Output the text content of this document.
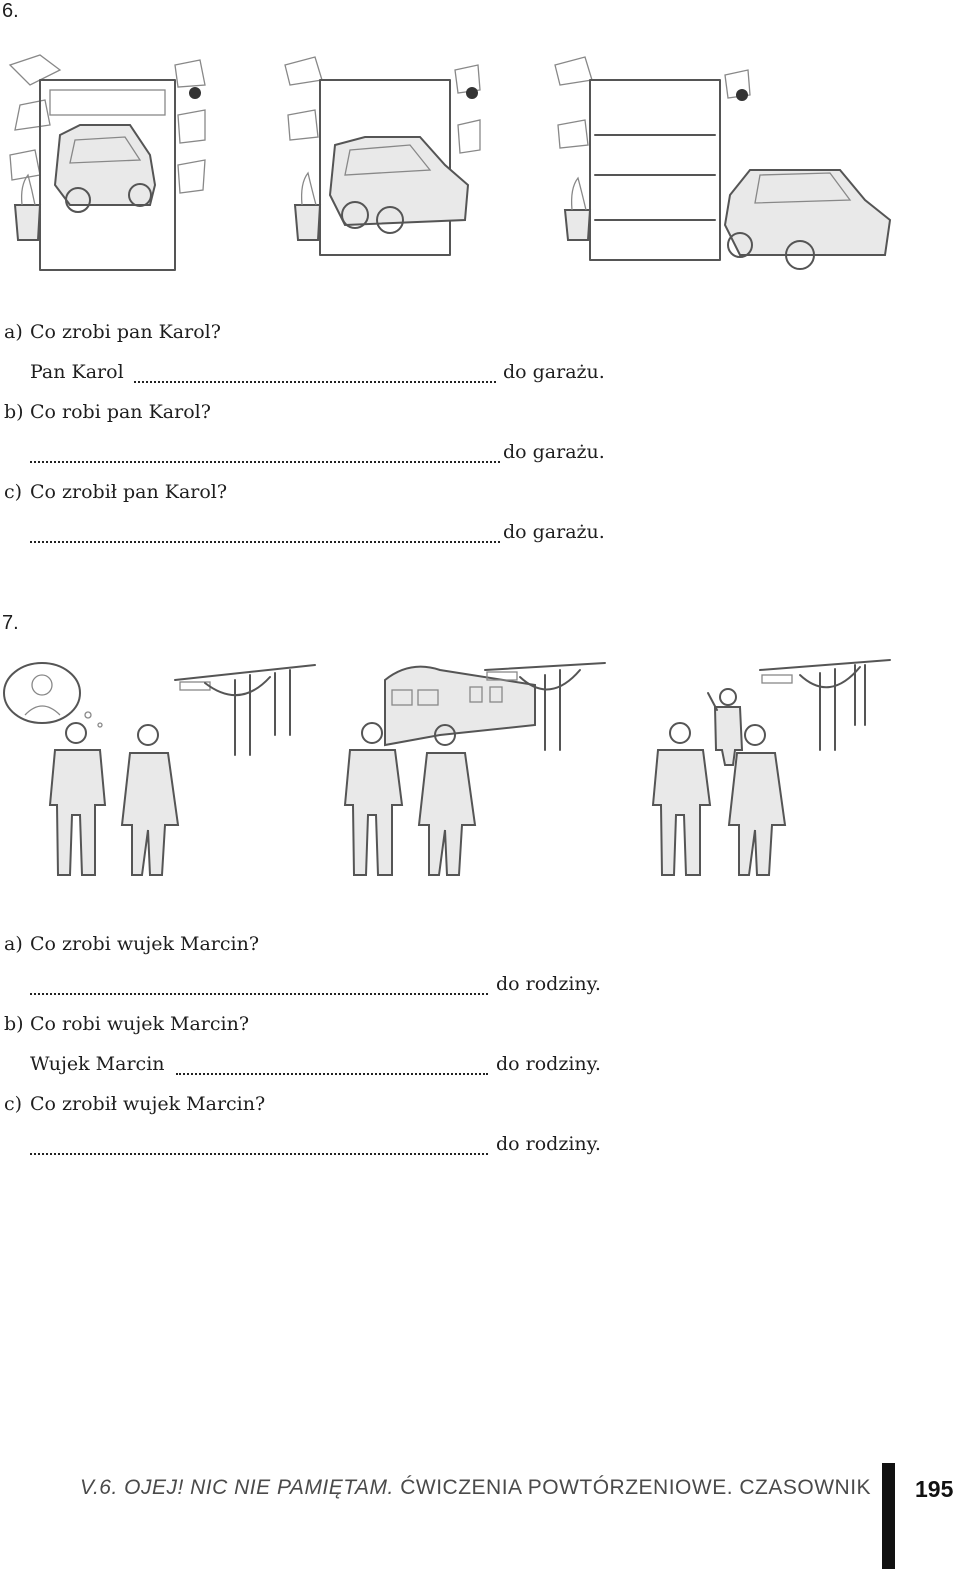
6.
a) Co zrobi pan Karol?
Pan Karol	do garażu.
b) Co robi pan Karol?
do garażu.
c) Co zrobił pan Karol?
do garażu.
7.
a) Co zrobi wujek Marcin?
do rodziny.
b) Co robi wujek Marcin?
Wujek Marcin	do rodziny.
c) Co zrobił wujek Marcin?
do rodziny.
V.6. OJEJ! NIC NIE PAMIĘTAM. ĆWICZENIA POWTÓRZENIOWE. CZASOWNIK 195
